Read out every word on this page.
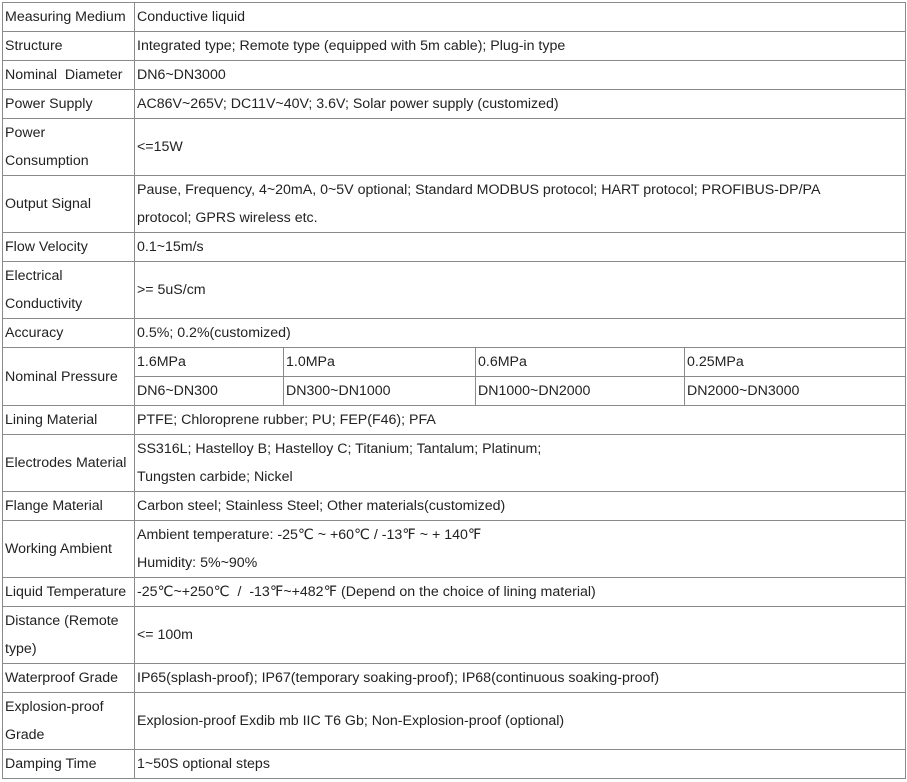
Measuring Medium	Conductive liquid			
Structure	Integrated type; Remote type (equipped with 5m cable); Plug-in type			
Nominal  Diameter	DN6~DN3000			
Power Supply	AC86V~265V; DC11V~40V; 3.6V; Solar power supply (customized)			

Power
Consumption	<=15W			
Output Signal	Pause, Frequency, 4~20mA, 0~5V optional; Standard MODBUS protocol; HART protocol; PROFIBUS-DP/PA
protocol; GPRS wireless etc.			

Flow Velocity	0.1~15m/s			

Electrical
Conductivity	>= 5uS/cm			
Accuracy	0.5%; 0.2%(customized)			
Nominal Pressure	1.6MPa	1.0MPa	0.6MPa	0.25MPa
	DN6~DN300	DN300~DN1000	DN1000~DN2000	DN2000~DN3000
Lining Material	PTFE; Chloroprene rubber; PU; FEP(F46); PFA			
Electrodes Material	SS316L; Hastelloy B; Hastelloy C; Titanium; Tantalum; Platinum;
Tungsten carbide; Nickel			

Flange Material	Carbon steel; Stainless Steel; Other materials(customized)			
Working Ambient	Ambient temperature: -25℃ ~ +60℃ / -13℉ ~ + 140℉
Humidity: 5%~90%			

Liquid Temperature	-25℃~+250℃  /  -13℉~+482℉ (Depend on the choice of lining material)			

Distance (Remote
type)	<= 100m			
Waterproof Grade	IP65(splash-proof); IP67(temporary soaking-proof); IP68(continuous soaking-proof)			

Explosion-proof
Grade	Explosion-proof Exdib mb IIC T6 Gb; Non-Explosion-proof (optional)			
Damping Time	1~50S optional steps			
